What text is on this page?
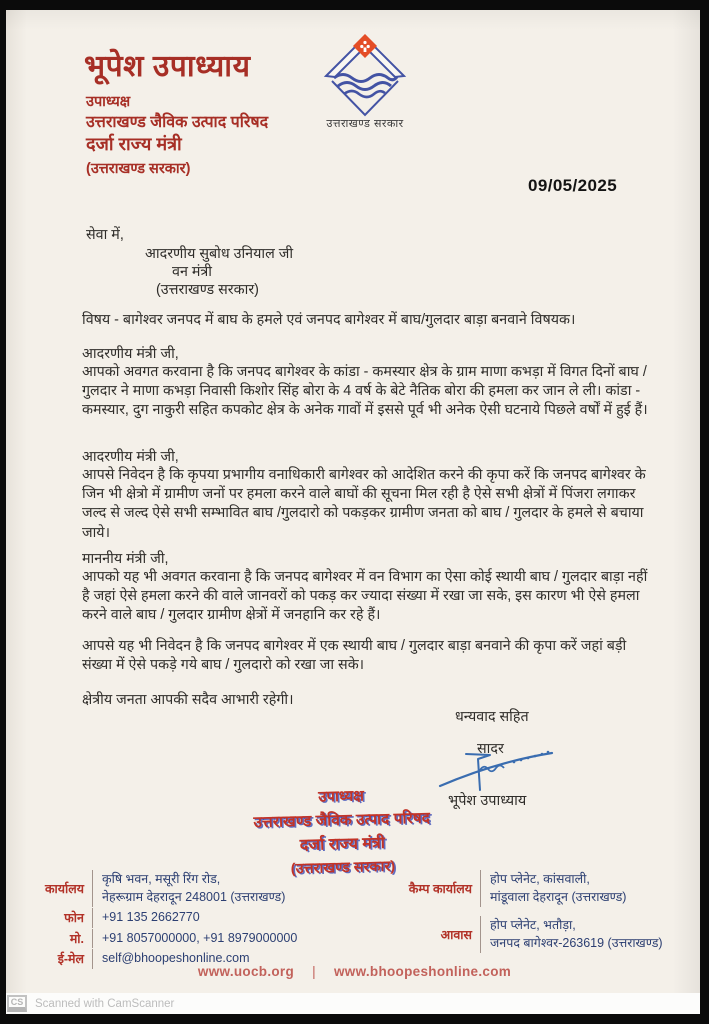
भूपेश उपाध्याय
उपाध्यक्ष
उत्तराखण्ड जैविक उत्पाद परिषद
दर्जा राज्य मंत्री
(उत्तराखण्ड सरकार)
उत्तराखण्ड सरकार
09/05/2025
सेवा में,
आदरणीय सुबोध उनियाल जी
वन मंत्री
(उत्तराखण्ड सरकार)
विषय - बागेश्वर जनपद में बाघ के हमले एवं जनपद बागेश्वर में बाघ/गुलदार बाड़ा बनवाने विषयक।
आदरणीय मंत्री जी,
आपको अवगत करवाना है कि जनपद बागेश्वर के कांडा - कमस्यार क्षेत्र के ग्राम माणा कभड़ा में विगत दिनों बाघ / गुलदार ने माणा कभड़ा निवासी किशोर सिंह बोरा के 4 वर्ष के बेटे नैतिक बोरा की हमला कर जान ले ली। कांडा - कमस्यार, दुग नाकुरी सहित कपकोट क्षेत्र के अनेक गावों में इससे पूर्व भी अनेक ऐसी घटनाये पिछले वर्षों में हुई हैं।
आदरणीय मंत्री जी,
आपसे निवेदन है कि कृपया प्रभागीय वनाधिकारी बागेश्वर को आदेशित करने की कृपा करें कि जनपद बागेश्वर के जिन भी क्षेत्रो में ग्रामीण जनों पर हमला करने वाले बाघों की सूचना मिल रही है ऐसे सभी क्षेत्रों में पिंजरा लगाकर जल्द से जल्द ऐसे सभी सम्भावित बाघ /गुलदारो को पकड़कर ग्रामीण जनता को बाघ / गुलदार के हमले से बचाया जाये।
माननीय मंत्री जी,
आपको यह भी अवगत करवाना है कि जनपद बागेश्वर में वन विभाग का ऐसा कोई स्थायी बाघ / गुलदार बाड़ा नहीं है जहां ऐसे हमला करने की वाले जानवरों को पकड़ कर ज्यादा संख्या में रखा जा सके, इस कारण भी ऐसे हमला करने वाले बाघ / गुलदार ग्रामीण क्षेत्रों में जनहानि कर रहे हैं।
आपसे यह भी निवेदन है कि जनपद बागेश्वर में एक स्थायी बाघ / गुलदार बाड़ा बनवाने की कृपा करें जहां बड़ी संख्या में ऐसे पकड़े गये बाघ / गुलदारो को रखा जा सके।
क्षेत्रीय जनता आपकी सदैव आभारी रहेगी।
धन्यवाद सहित
सादर
भूपेश उपाध्याय
उपाध्यक्ष
उत्तराखण्ड जैविक उत्पाद परिषद
दर्जा राज्य मंत्री
(उत्तराखण्ड सरकार)
कार्यालय
कृषि भवन, मसूरी रिंग रोड,
नेहरूग्राम देहरादून 248001 (उत्तराखण्ड)
फोन	+91 135 2662770
मो.	+91 8057000000, +91 8979000000
ई-मेल	self@bhoopeshonline.com
कैम्प कार्यालय
होप प्लेनेट, कांसवाली,
मांडूवाला देहरादून (उत्तराखण्ड)
आवास
होप प्लेनेट, भतौड़ा,
जनपद बागेश्वर-263619 (उत्तराखण्ड)
www.uocb.org | www.bhoopeshonline.com
CS	Scanned with CamScanner
